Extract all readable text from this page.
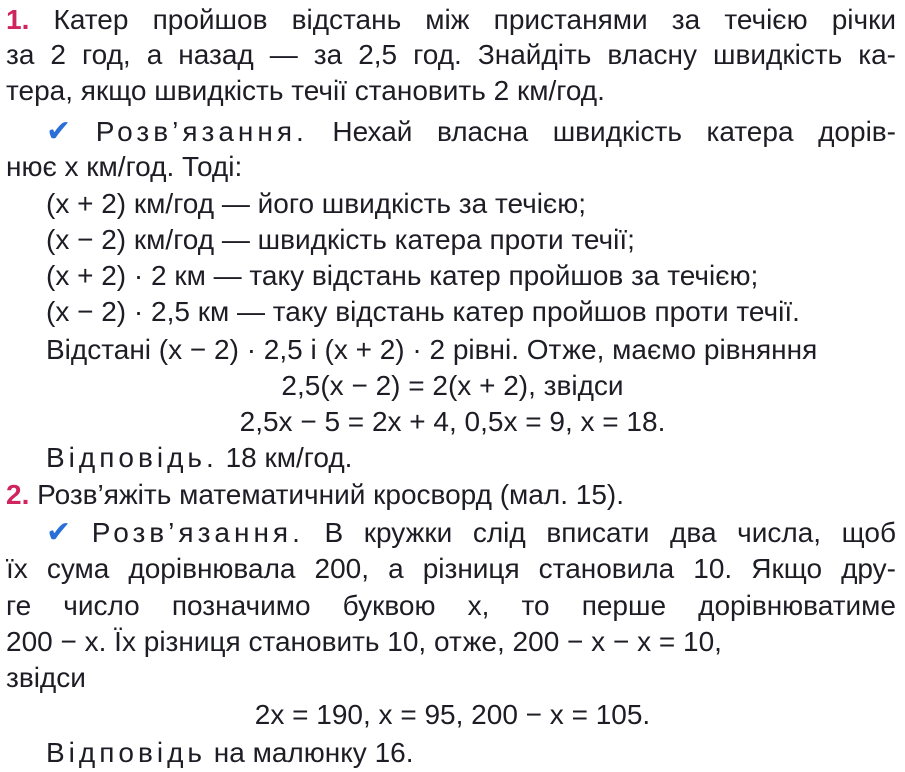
1. Катер пройшов відстань між пристанями за течією річки
за 2 год, а назад — за 2,5 год. Знайдіть власну швидкість ка-
тера, якщо швидкість течії становить 2 км/год.
✔ Розв’язання. Нехай власна швидкість катера дорів-
нює x км/год. Тоді:
(x + 2) км/год — його швидкість за течією;
(x − 2) км/год — швидкість катера проти течії;
(x + 2) · 2 км — таку відстань катер пройшов за течією;
(x − 2) · 2,5 км — таку відстань катер пройшов проти течії.
Відстані (x − 2) · 2,5 і (x + 2) · 2 рівні. Отже, маємо рівняння
2,5(x − 2) = 2(x + 2), звідси
2,5x − 5 = 2x + 4, 0,5x = 9, x = 18.
Відповідь. 18 км/год.
2. Розв’яжіть математичний кросворд (мал. 15).
✔ Розв’язання. В кружки слід вписати два числа, щоб
їх сума дорівнювала 200, а різниця становила 10. Якщо дру-
ге число позначимо буквою x, то перше дорівнюватиме
200 − x. Їх різниця становить 10, отже, 200 − x − x = 10,
звідси
2x = 190, x = 95, 200 − x = 105.
Відповідь на малюнку 16.
